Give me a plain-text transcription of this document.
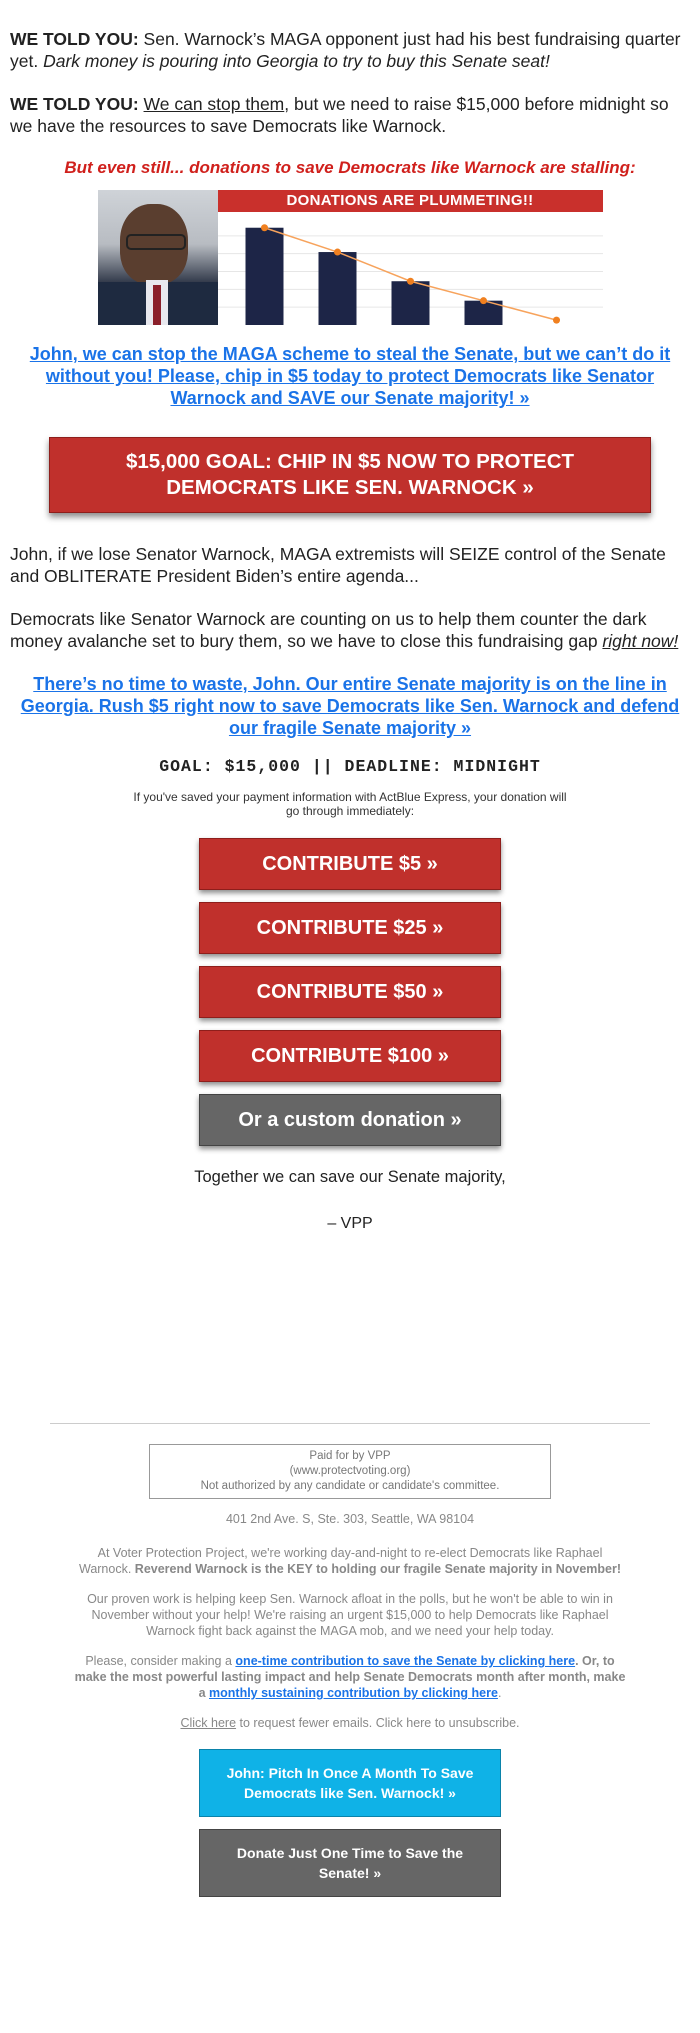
WE TOLD YOU: Sen. Warnock’s MAGA opponent just had his best fundraising quarter yet. Dark money is pouring into Georgia to try to buy this Senate seat!

WE TOLD YOU: We can stop them, but we need to raise $15,000 before midnight so we have the resources to save Democrats like Warnock.

But even still... donations to save Democrats like Warnock are stalling:
DONATIONS ARE PLUMMETING!!
John, we can stop the MAGA scheme to steal the Senate, but we can’t do it without you! Please, chip in $5 today to protect Democrats like Senator Warnock and SAVE our Senate majority! »
$15,000 GOAL: CHIP IN $5 NOW TO PROTECT DEMOCRATS LIKE SEN. WARNOCK »

John, if we lose Senator Warnock, MAGA extremists will SEIZE control of the Senate and OBLITERATE President Biden’s entire agenda...

Democrats like Senator Warnock are counting on us to help them counter the dark money avalanche set to bury them, so we have to close this fundraising gap right now!

There’s no time to waste, John. Our entire Senate majority is on the line in Georgia. Rush $5 right now to save Democrats like Sen. Warnock and defend our fragile Senate majority »
GOAL: $15,000 || DEADLINE: MIDNIGHT
If you've saved your payment information with ActBlue Express, your donation will go through immediately:
CONTRIBUTE $5 »
CONTRIBUTE $25 »
CONTRIBUTE $50 »
CONTRIBUTE $100 »
Or a custom donation »
Together we can save our Senate majority,
– VPP
Paid for by VPP
(www.protectvoting.org)
Not authorized by any candidate or candidate's committee.
401 2nd Ave. S, Ste. 303, Seattle, WA 98104
At Voter Protection Project, we're working day-and-night to re-elect Democrats like Raphael Warnock. Reverend Warnock is the KEY to holding our fragile Senate majority in November!
Our proven work is helping keep Sen. Warnock afloat in the polls, but he won't be able to win in November without your help! We're raising an urgent $15,000 to help Democrats like Raphael Warnock fight back against the MAGA mob, and we need your help today.
Please, consider making a one-time contribution to save the Senate by clicking here. Or, to make the most powerful lasting impact and help Senate Democrats month after month, make a monthly sustaining contribution by clicking here.
Click here to request fewer emails. Click here to unsubscribe.
John: Pitch In Once A Month To Save Democrats like Sen. Warnock! »
Donate Just One Time to Save the Senate! »
